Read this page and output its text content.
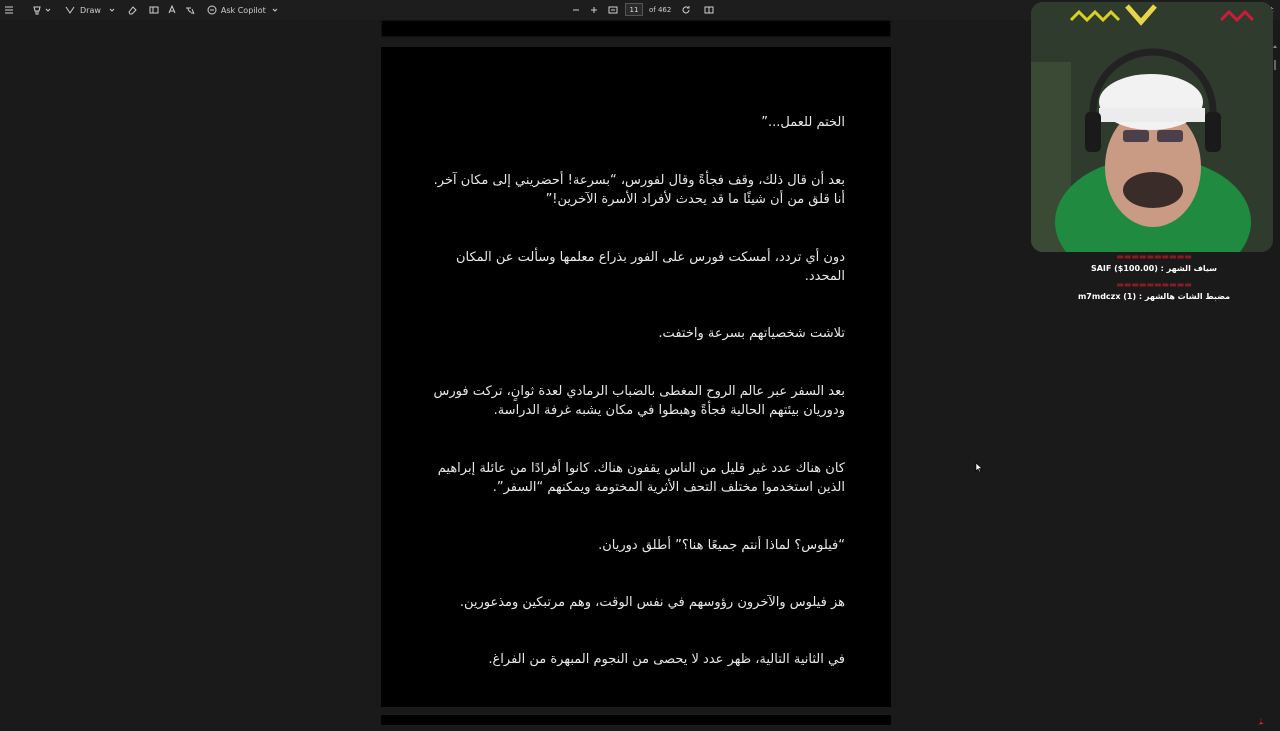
Draw	Ask Copilot	11	of 462
الختم للعمل...”
بعد أن قال ذلك، وقف فجأةً وقال لفورس، “بسرعة! أحضريني إلى مكان آخر. أنا قلق من أن شيئًا ما قد يحدث لأفراد الأسرة الآخرين!”
دون أي تردد، أمسكت فورس على الفور بذراع معلمها وسألت عن المكان المحدد.
تلاشت شخصياتهم بسرعة واختفت.
بعد السفر عبر عالم الروح المغطى بالضباب الرمادي لعدة ثوانٍ، تركت فورس ودوريان بيئتهم الحالية فجأةً وهبطوا في مكان يشبه غرفة الدراسة.
كان هناك عدد غير قليل من الناس يقفون هناك. كانوا أفرادًا من عائلة إبراهيم الذين استخدموا مختلف التحف الأثرية المختومة ويمكنهم “السفر”.
“فيلوس؟ لماذا أنتم جميعًا هنا؟” أطلق دوريان.
هز فيلوس والآخرون رؤوسهم في نفس الوقت، وهم مرتبكين ومذعورين.
في الثانية التالية، ظهر عدد لا يحصى من النجوم المبهرة من الفراغ.
▬▬▬▬▬▬▬▬▬▬
سياف الشهر : SAIF ($100.00)
▬▬▬▬▬▬▬▬▬▬
مضبط الشات هالشهر : m7mdczx (1)
